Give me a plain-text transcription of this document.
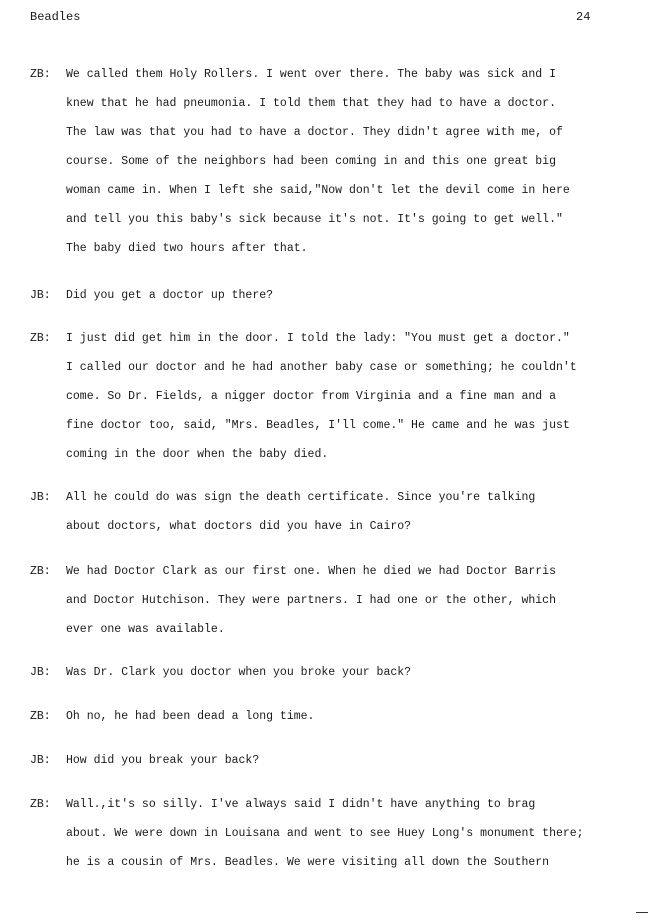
Beadles	24
ZB: We called them Holy Rollers. I went over there. The baby was sick and I
knew that he had pneumonia. I told them that they had to have a doctor.
The law was that you had to have a doctor. They didn't agree with me, of
course. Some of the neighbors had been coming in and this one great big
woman came in. When I left she said,"Now don't let the devil come in here
and tell you this baby's sick because it's not. It's going to get well."
The baby died two hours after that.
JB: Did you get a doctor up there?
ZB: I just did get him in the door. I told the lady: "You must get a doctor."
I called our doctor and he had another baby case or something; he couldn't
come. So Dr. Fields, a nigger doctor from Virginia and a fine man and a
fine doctor too, said, "Mrs. Beadles, I'll come." He came and he was just
coming in the door when the baby died.
JB: All he could do was sign the death certificate. Since you're talking
about doctors, what doctors did you have in Cairo?
ZB: We had Doctor Clark as our first one. When he died we had Doctor Barris
and Doctor Hutchison. They were partners. I had one or the other, which
ever one was available.
JB: Was Dr. Clark you doctor when you broke your back?
ZB: Oh no, he had been dead a long time.
JB: How did you break your back?
ZB: Wall.,it's so silly. I've always said I didn't have anything to brag
about. We were down in Louisana and went to see Huey Long's monument there;
he is a cousin of Mrs. Beadles. We were visiting all down the Southern
